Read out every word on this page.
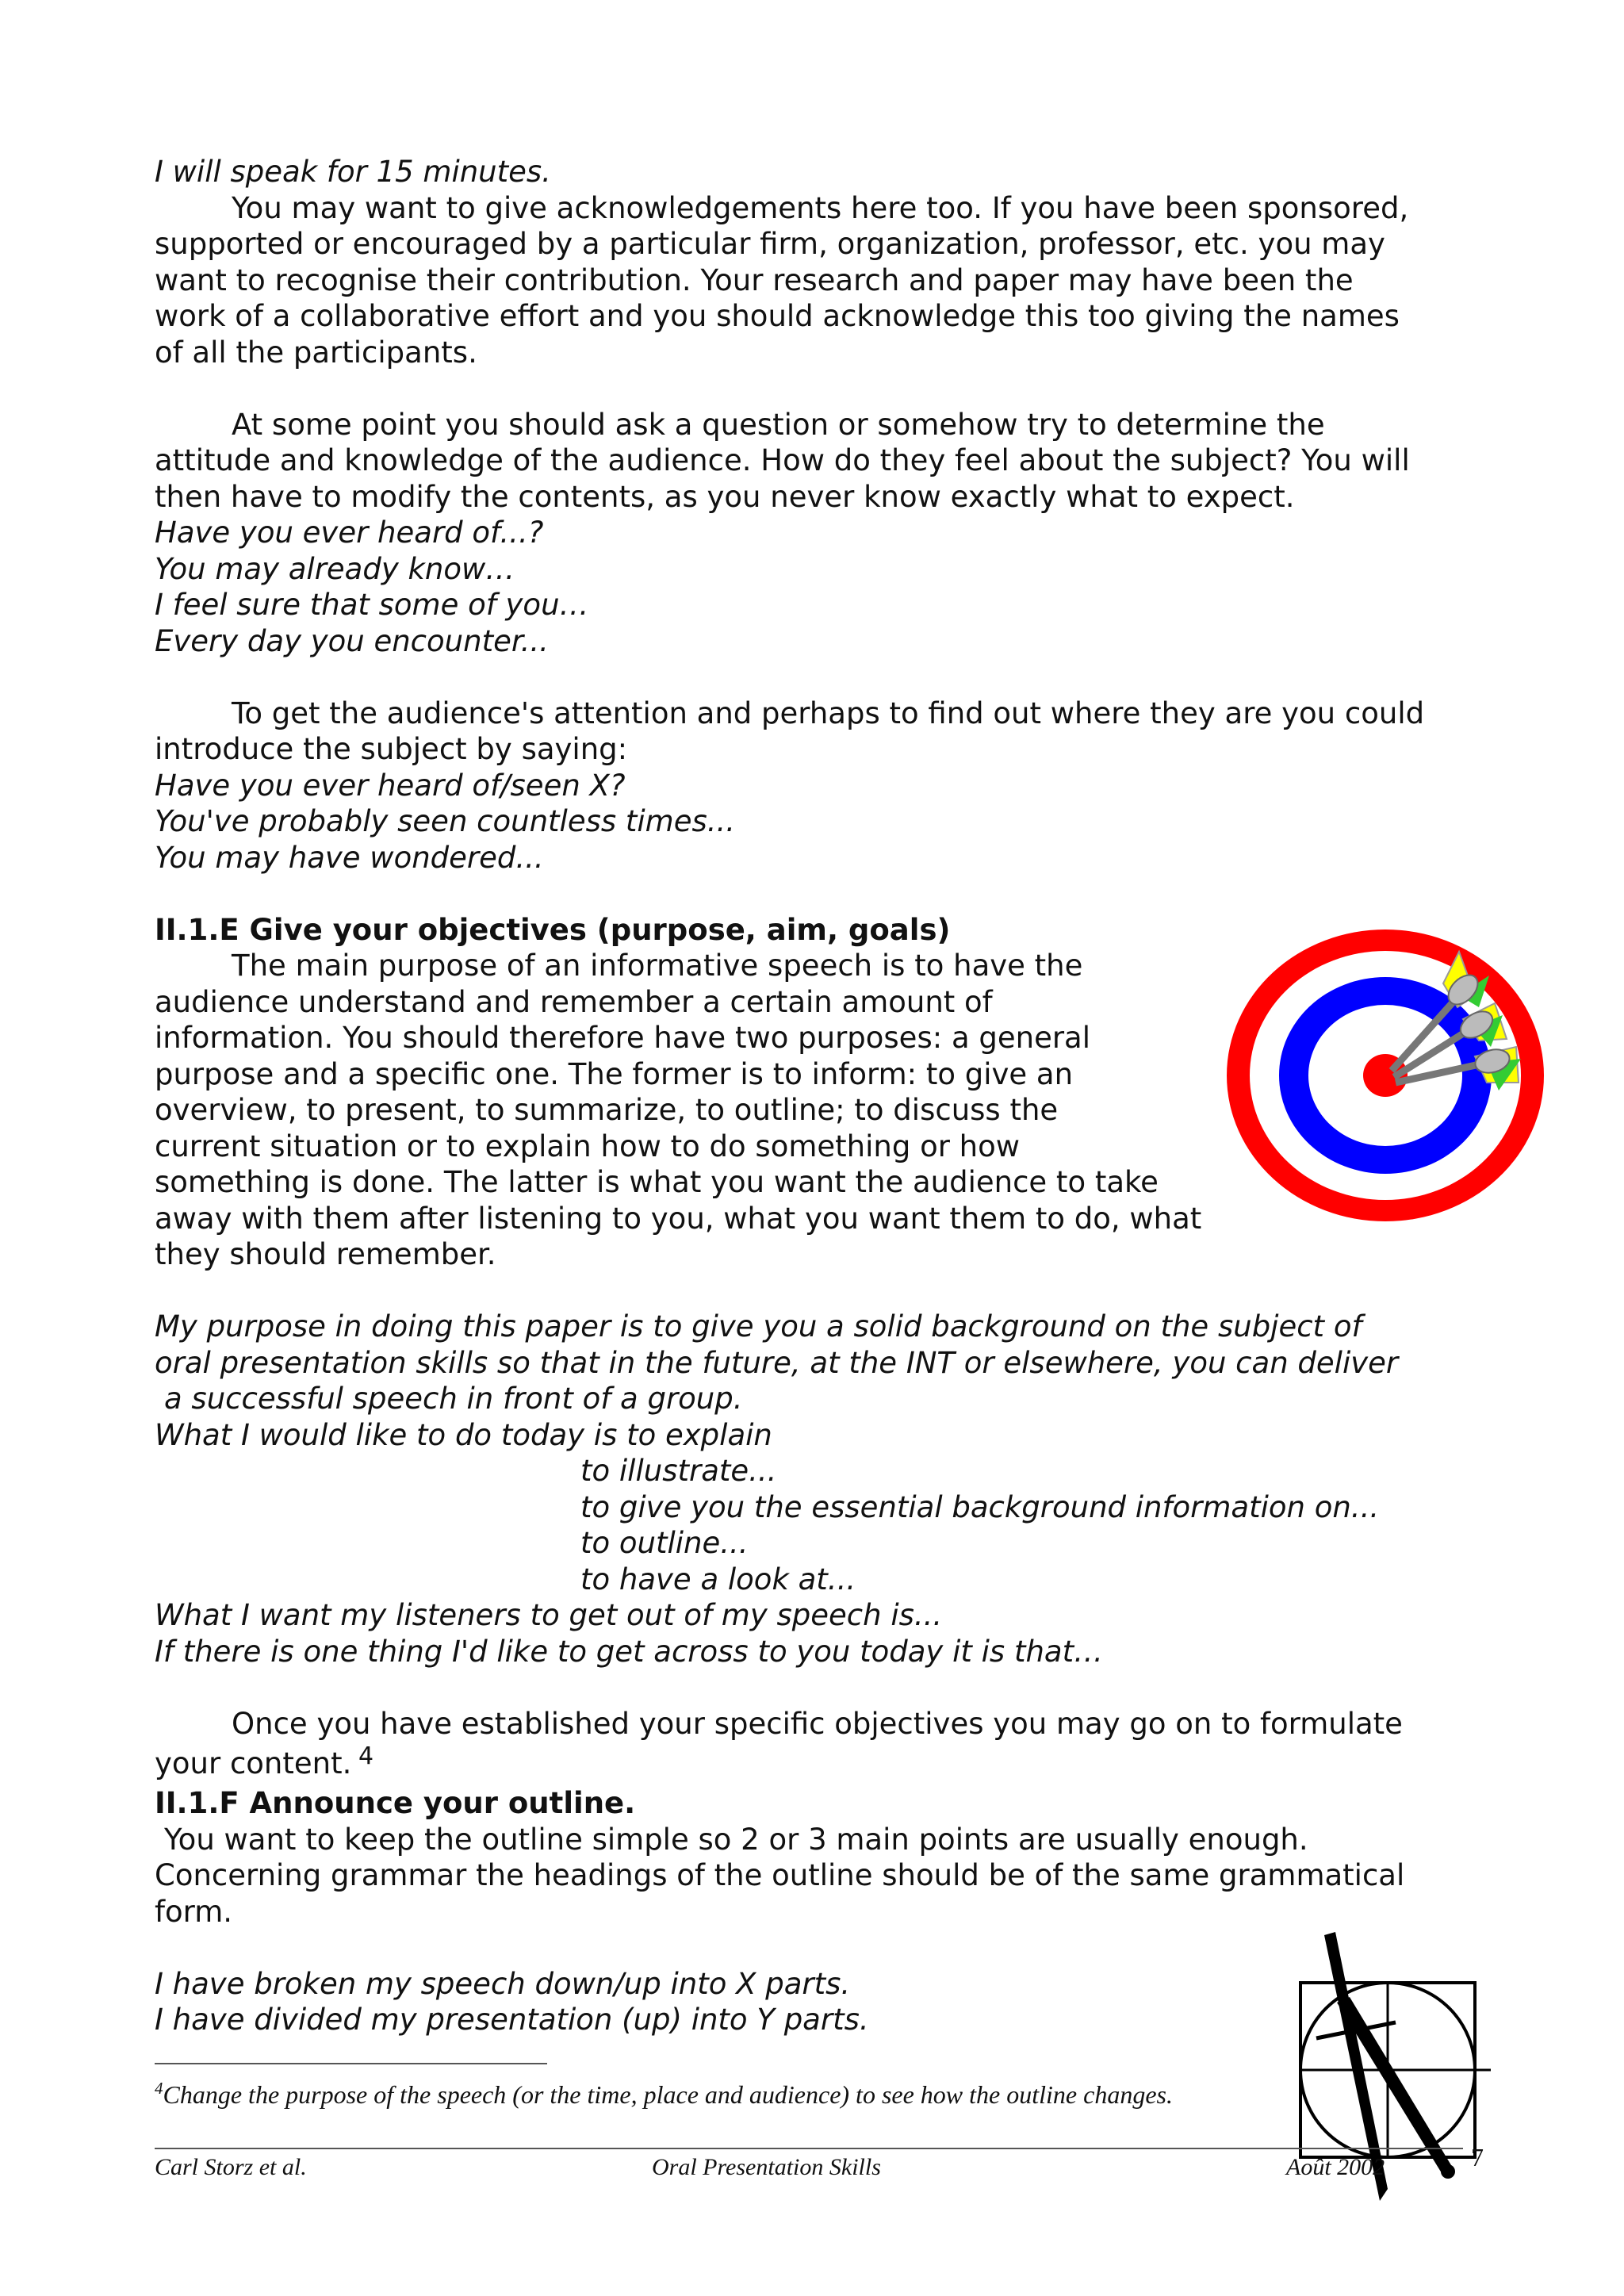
I will speak for 15 minutes.
You may want to give acknowledgements here too. If you have been sponsored,
supported or encouraged by a particular firm, organization, professor, etc. you may
want to recognise their contribution. Your research and paper may have been the
work of a collaborative effort and you should acknowledge this too giving the names
of all the participants.
At some point you should ask a question or somehow try to determine the
attitude and knowledge of the audience. How do they feel about the subject? You will
then have to modify the contents, as you never know exactly what to expect.
Have you ever heard of...?
You may already know…
I feel sure that some of you…
Every day you encounter...
To get the audience's attention and perhaps to find out where they are you could
introduce the subject by saying:
Have you ever heard of/seen X?
You've probably seen countless times...
You may have wondered...
II.1.E Give your objectives (purpose, aim, goals)
The main purpose of an informative speech is to have the
audience understand and remember a certain amount of
information. You should therefore have two purposes: a general
purpose and a specific one. The former is to inform: to give an
overview, to present, to summarize, to outline; to discuss the
current situation or to explain how to do something or how
something is done. The latter is what you want the audience to take
away with them after listening to you, what you want them to do, what
they should remember.
My purpose in doing this paper is to give you a solid background on the subject of
oral presentation skills so that in the future, at the INT or elsewhere, you can deliver
a successful speech in front of a group.
What I would like to do today is to explain
to illustrate...
to give you the essential background information on...
to outline...
to have a look at...
What I want my listeners to get out of my speech is...
If there is one thing I'd like to get across to you today it is that…
Once you have established your specific objectives you may go on to formulate
your content. 4
II.1.F Announce your outline.
You want to keep the outline simple so 2 or 3 main points are usually enough.
Concerning grammar the headings of the outline should be of the same grammatical
form.
I have broken my speech down/up into X parts.
I have divided my presentation (up) into Y parts.
$^4$Change the purpose of the speech (or the time, place and audience) to see how the outline changes.
Carl Storz et al.	Oral Presentation Skills	Août 2002	7
